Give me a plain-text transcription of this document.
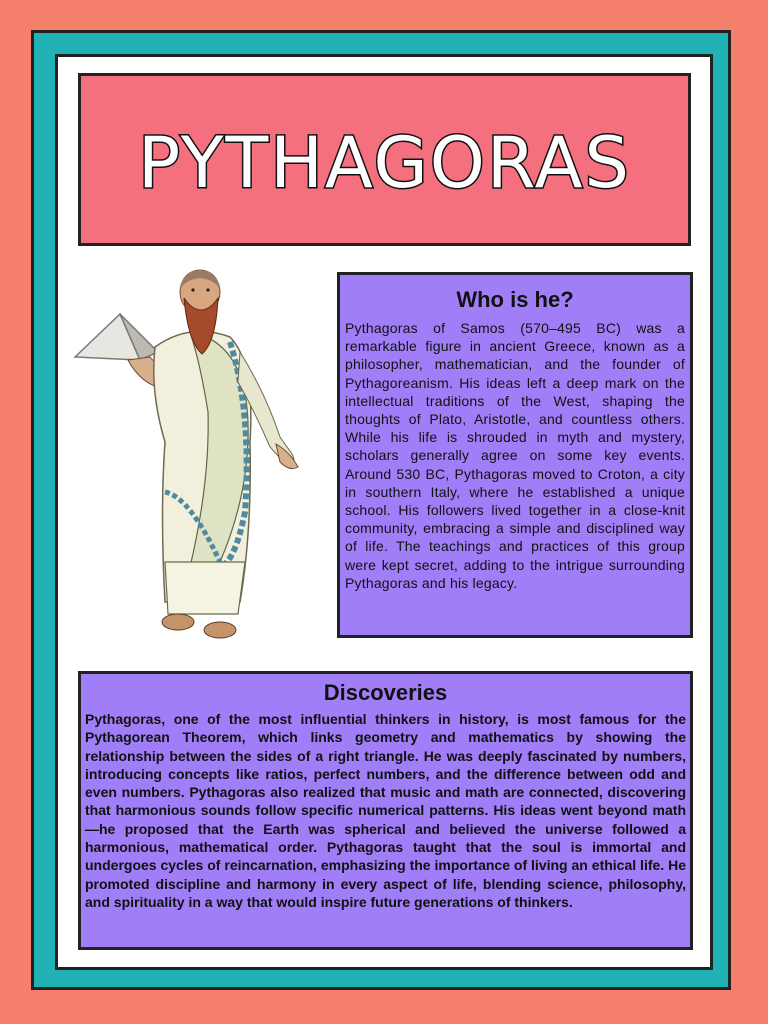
PYTHAGORAS
Who is he?

Pythagoras of Samos (570–495 BC) was a remarkable figure in ancient Greece, known as a philosopher, mathematician, and the founder of Pythagoreanism. His ideas left a deep mark on the intellectual traditions of the West, shaping the thoughts of Plato, Aristotle, and countless others. While his life is shrouded in myth and mystery, scholars generally agree on some key events. Around 530 BC, Pythagoras moved to Croton, a city in southern Italy, where he established a unique school. His followers lived together in a close-knit community, embracing a simple and disciplined way of life. The teachings and practices of this group were kept secret, adding to the intrigue surrounding Pythagoras and his legacy.

Discoveries

Pythagoras, one of the most influential thinkers in history, is most famous for the Pythagorean Theorem, which links geometry and mathematics by showing the relationship between the sides of a right triangle. He was deeply fascinated by numbers, introducing concepts like ratios, perfect numbers, and the difference between odd and even numbers. Pythagoras also realized that music and math are connected, discovering that harmonious sounds follow specific numerical patterns. His ideas went beyond math—he proposed that the Earth was spherical and believed the universe followed a harmonious, mathematical order. Pythagoras taught that the soul is immortal and undergoes cycles of reincarnation, emphasizing the importance of living an ethical life. He promoted discipline and harmony in every aspect of life, blending science, philosophy, and spirituality in a way that would inspire future generations of thinkers.
